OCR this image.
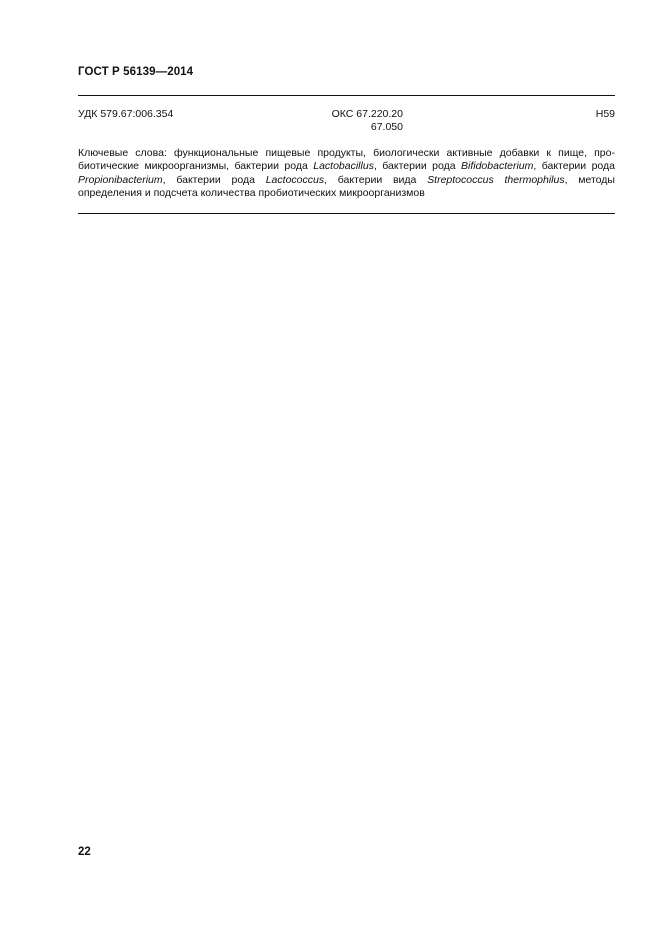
ГОСТ Р 56139—2014
УДК 579.67:006.354	ОКС 67.220.20
67.050
Н59
Ключевые слова: функциональные пищевые продукты, биологически активные добавки к пище, про-биотические микроорганизмы, бактерии рода Lactobacillus, бактерии рода Bifidobacterium, бактерии рода Propionibacterium, бактерии рода Lactococcus, бактерии вида Streptococcus thermophilus, методы определения и подсчета количества пробиотических микроорганизмов
22
